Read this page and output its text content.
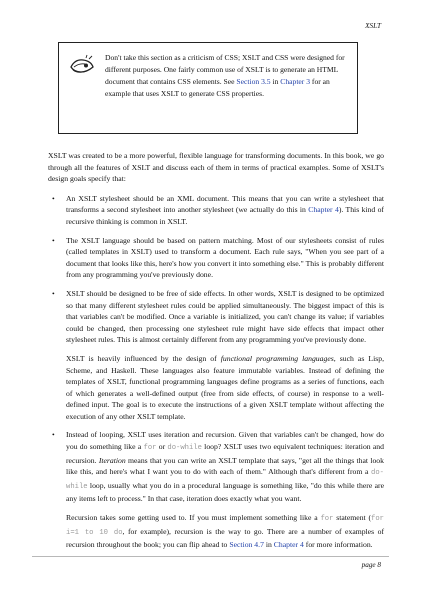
XSLT
Don't take this section as a criticism of CSS; XSLT and CSS were designed for different purposes. One fairly common use of XSLT is to generate an HTML document that contains CSS elements. See Section 3.5 in Chapter 3 for an example that uses XSLT to generate CSS properties.

XSLT was created to be a more powerful, flexible language for transforming documents. In this book, we go through all the features of XSLT and discuss each of them in terms of practical examples. Some of XSLT's design goals specify that:

• An XSLT stylesheet should be an XML document. This means that you can write a stylesheet that transforms a second stylesheet into another stylesheet (we actually do this in Chapter 4). This kind of recursive thinking is common in XSLT.

• The XSLT language should be based on pattern matching. Most of our stylesheets consist of rules (called templates in XSLT) used to transform a document. Each rule says, "When you see part of a document that looks like this, here's how you convert it into something else." This is probably different from any programming you've previously done.

• XSLT should be designed to be free of side effects. In other words, XSLT is designed to be optimized so that many different stylesheet rules could be applied simultaneously. The biggest impact of this is that variables can't be modified. Once a variable is initialized, you can't change its value; if variables could be changed, then processing one stylesheet rule might have side effects that impact other stylesheet rules. This is almost certainly different from any programming you've previously done.

XSLT is heavily influenced by the design of functional programming languages, such as Lisp, Scheme, and Haskell. These languages also feature immutable variables. Instead of defining the templates of XSLT, functional programming languages define programs as a series of functions, each of which generates a well-defined output (free from side effects, of course) in response to a well-defined input. The goal is to execute the instructions of a given XSLT template without affecting the execution of any other XSLT template.

• Instead of looping, XSLT uses iteration and recursion. Given that variables can't be changed, how do you do something like a for or do-while loop? XSLT uses two equivalent techniques: iteration and recursion. Iteration means that you can write an XSLT template that says, "get all the things that look like this, and here's what I want you to do with each of them." Although that's different from a do-while loop, usually what you do in a procedural language is something like, "do this while there are any items left to process." In that case, iteration does exactly what you want.

Recursion takes some getting used to. If you must implement something like a for statement (for i=1 to 10 do, for example), recursion is the way to go. There are a number of examples of recursion throughout the book; you can flip ahead to Section 4.7 in Chapter 4 for more information.

page 8
